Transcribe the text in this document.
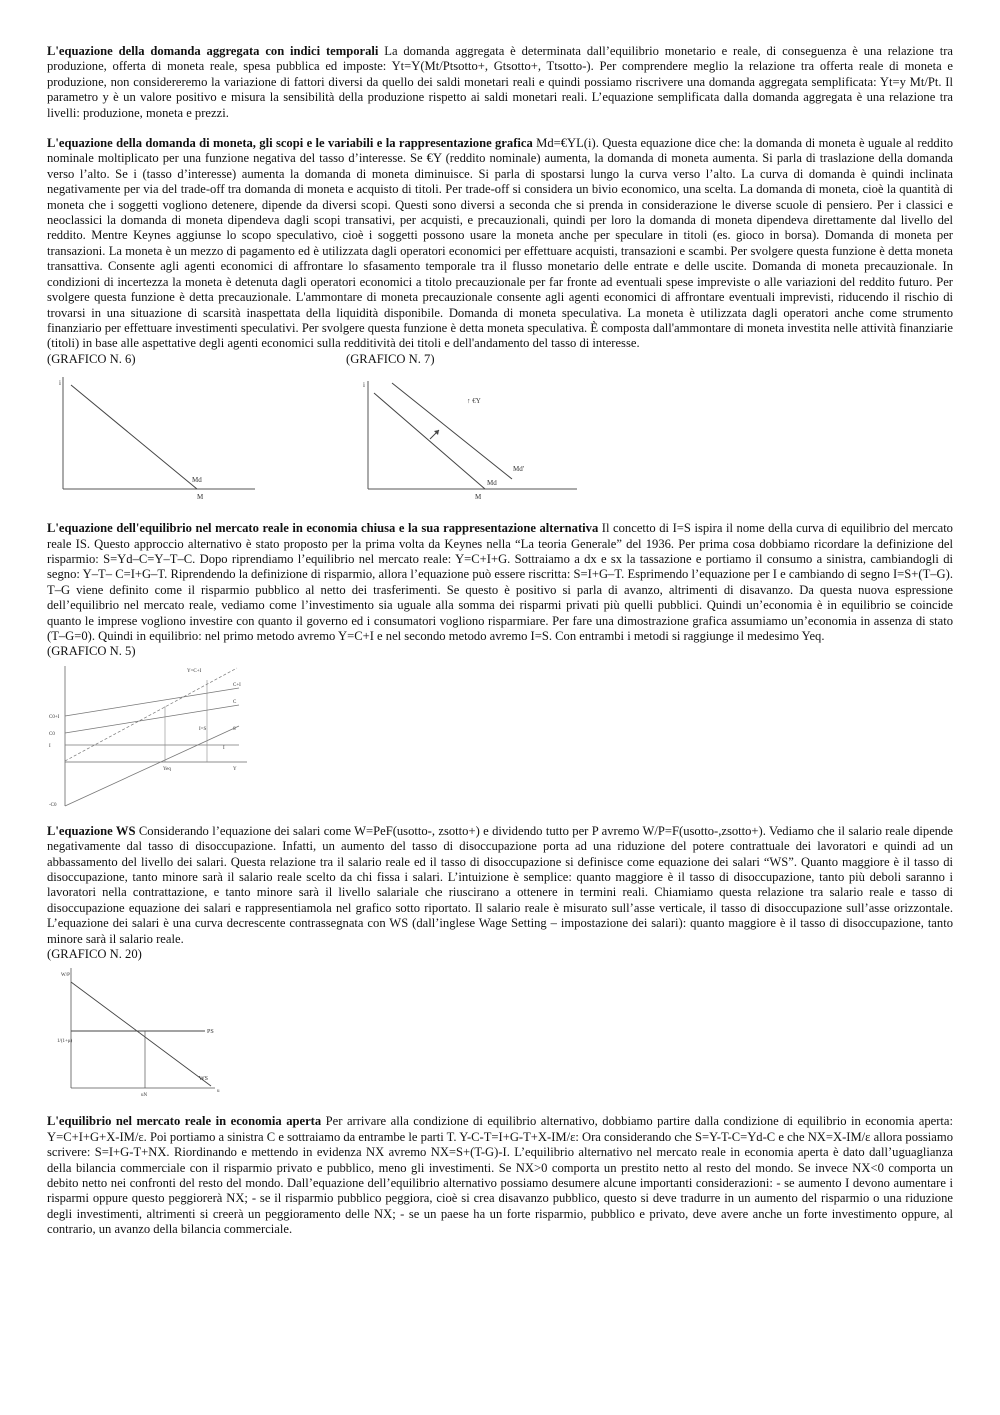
L'equazione della domanda aggregata con indici temporali La domanda aggregata è determinata dall’equilibrio monetario e reale, di conseguenza è una relazione tra produzione, offerta di moneta reale, spesa pubblica ed imposte: Yt=Y(Mt/Ptsotto+, Gtsotto+, Ttsotto-). Per comprendere meglio la relazione tra offerta reale di moneta e produzione, non considereremo la variazione di fattori diversi da quello dei saldi monetari reali e quindi possiamo riscrivere una domanda aggregata semplificata: Yt=y Mt/Pt. Il parametro y è un valore positivo e misura la sensibilità della produzione rispetto ai saldi monetari reali. L’equazione semplificata dalla domanda aggregata è una relazione tra livelli: produzione, moneta e prezzi.

L'equazione della domanda di moneta, gli scopi e le variabili e la rappresentazione grafica Md=€YL(i). Questa equazione dice che: la domanda di moneta è uguale al reddito nominale moltiplicato per una funzione negativa del tasso d’interesse. Se €Y (reddito nominale) aumenta, la domanda di moneta aumenta. Si parla di traslazione della domanda verso l’alto. Se i (tasso d’interesse) aumenta la domanda di moneta diminuisce. Si parla di spostarsi lungo la curva verso l’alto. La curva di domanda è quindi inclinata negativamente per via del trade-off tra domanda di moneta e acquisto di titoli. Per trade-off si considera un bivio economico, una scelta. La domanda di moneta, cioè la quantità di moneta che i soggetti vogliono detenere, dipende da diversi scopi. Questi sono diversi a seconda che si prenda in considerazione le diverse scuole di pensiero. Per i classici e neoclassici la domanda di moneta dipendeva dagli scopi transativi, per acquisti, e precauzionali, quindi per loro la domanda di moneta dipendeva direttamente dal livello del reddito. Mentre Keynes aggiunse lo scopo speculativo, cioè i soggetti possono usare la moneta anche per speculare in titoli (es. gioco in borsa). Domanda di moneta per transazioni. La moneta è un mezzo di pagamento ed è utilizzata dagli operatori economici per effettuare acquisti, transazioni e scambi. Per svolgere questa funzione è detta moneta transattiva. Consente agli agenti economici di affrontare lo sfasamento temporale tra il flusso monetario delle entrate e delle uscite. Domanda di moneta precauzionale. In condizioni di incertezza la moneta è detenuta dagli operatori economici a titolo precauzionale per far fronte ad eventuali spese impreviste o alle variazioni del reddito futuro. Per svolgere questa funzione è detta precauzionale. L'ammontare di moneta precauzionale consente agli agenti economici di affrontare eventuali imprevisti, riducendo il rischio di trovarsi in una situazione di scarsità inaspettata della liquidità disponibile. Domanda di moneta speculativa. La moneta è utilizzata dagli operatori anche come strumento finanziario per effettuare investimenti speculativi. Per svolgere questa funzione è detta moneta speculativa. È composta dall'ammontare di moneta investita nelle attività finanziarie (titoli) in base alle aspettative degli agenti economici sulla redditività dei titoli e dell'andamento del tasso di interesse.

(GRAFICO N. 6)	(GRAFICO N. 7)
i
Md
M
i
↑ €Y
Md'
Md
M

L'equazione dell'equilibrio nel mercato reale in economia chiusa e la sua rappresentazione alternativa Il concetto di I=S ispira il nome della curva di equilibrio del mercato reale IS. Questo approccio alternativo è stato proposto per la prima volta da Keynes nella “La teoria Generale” del 1936. Per prima cosa dobbiamo ricordare la definizione del risparmio: S=Yd–C=Y–T–C. Dopo riprendiamo l’equilibrio nel mercato reale: Y=C+I+G. Sottraiamo a dx e sx la tassazione e portiamo il consumo a sinistra, cambiandogli di segno: Y–T– C=I+G–T. Riprendendo la definizione di risparmio, allora l’equazione può essere riscritta: S=I+G–T. Esprimendo l’equazione per I e cambiando di segno I=S+(T–G). T–G viene definito come il risparmio pubblico al netto dei trasferimenti. Se questo è positivo si parla di avanzo, altrimenti di disavanzo. Da questa nuova espressione dell’equilibrio nel mercato reale, vediamo come l’investimento sia uguale alla somma dei risparmi privati più quelli pubblici. Quindi un’economia è in equilibrio se coincide quanto le imprese vogliono investire con quanto il governo ed i consumatori vogliono risparmiare. Per fare una dimostrazione grafica assumiamo un’economia in assenza di stato (T–G=0). Quindi in equilibrio: nel primo metodo avremo Y=C+I e nel secondo metodo avremo I=S. Con entrambi i metodi si raggiunge il medesimo Yeq.

(GRAFICO N. 5)
Y=C+I
C+I
C
S
I
I=S
Yeq	Y
C0+I
C0
I
-C0

L'equazione WS Considerando l’equazione dei salari come W=PeF(usotto-, zsotto+) e dividendo tutto per P avremo W/P=F(usotto-,zsotto+). Vediamo che il salario reale dipende negativamente dal tasso di disoccupazione. Infatti, un aumento del tasso di disoccupazione porta ad una riduzione del potere contrattuale dei lavoratori e quindi ad un abbassamento del livello dei salari. Questa relazione tra il salario reale ed il tasso di disoccupazione si definisce come equazione dei salari “WS”. Quanto maggiore è il tasso di disoccupazione, tanto minore sarà il salario reale scelto da chi fissa i salari. L’intuizione è semplice: quanto maggiore è il tasso di disoccupazione, tanto più deboli saranno i lavoratori nella contrattazione, e tanto minore sarà il livello salariale che riuscirano a ottenere in termini reali. Chiamiamo questa relazione tra salario reale e tasso di disoccupazione equazione dei salari e rappresentiamola nel grafico sotto riportato. Il salario reale è misurato sull’asse verticale, il tasso di disoccupazione sull’asse orizzontale. L’equazione dei salari è una curva decrescente contrassegnata con WS (dall’inglese Wage Setting – impostazione dei salari): quanto maggiore è il tasso di disoccupazione, tanto minore sarà il salario reale.

(GRAFICO N. 20)
W/P
1/(1+μ)
PS
WS
uN
u

L'equilibrio nel mercato reale in economia aperta Per arrivare alla condizione di equilibrio alternativo, dobbiamo partire dalla condizione di equilibrio in economia aperta: Y=C+I+G+X-IM/ε. Poi portiamo a sinistra C e sottraiamo da entrambe le parti T. Y-C-T=I+G-T+X-IM/ε: Ora considerando che S=Y-T-C=Yd-C e che NX=X-IM/ε allora possiamo scrivere: S=I+G-T+NX. Riordinando e mettendo in evidenza NX avremo NX=S+(T-G)-I. L’equilibrio alternativo nel mercato reale in economia aperta è dato dall’uguaglianza della bilancia commerciale con il risparmio privato e pubblico, meno gli investimenti. Se NX>0 comporta un prestito netto al resto del mondo. Se invece NX<0 comporta un debito netto nei confronti del resto del mondo. Dall’equazione dell’equilibrio alternativo possiamo desumere alcune importanti considerazioni: - se aumento I devono aumentare i risparmi oppure questo peggiorerà NX; - se il risparmio pubblico peggiora, cioè si crea disavanzo pubblico, questo si deve tradurre in un aumento del risparmio o una riduzione degli investimenti, altrimenti si creerà un peggioramento delle NX; - se un paese ha un forte risparmio, pubblico e privato, deve avere anche un forte investimento oppure, al contrario, un avanzo della bilancia commerciale.
